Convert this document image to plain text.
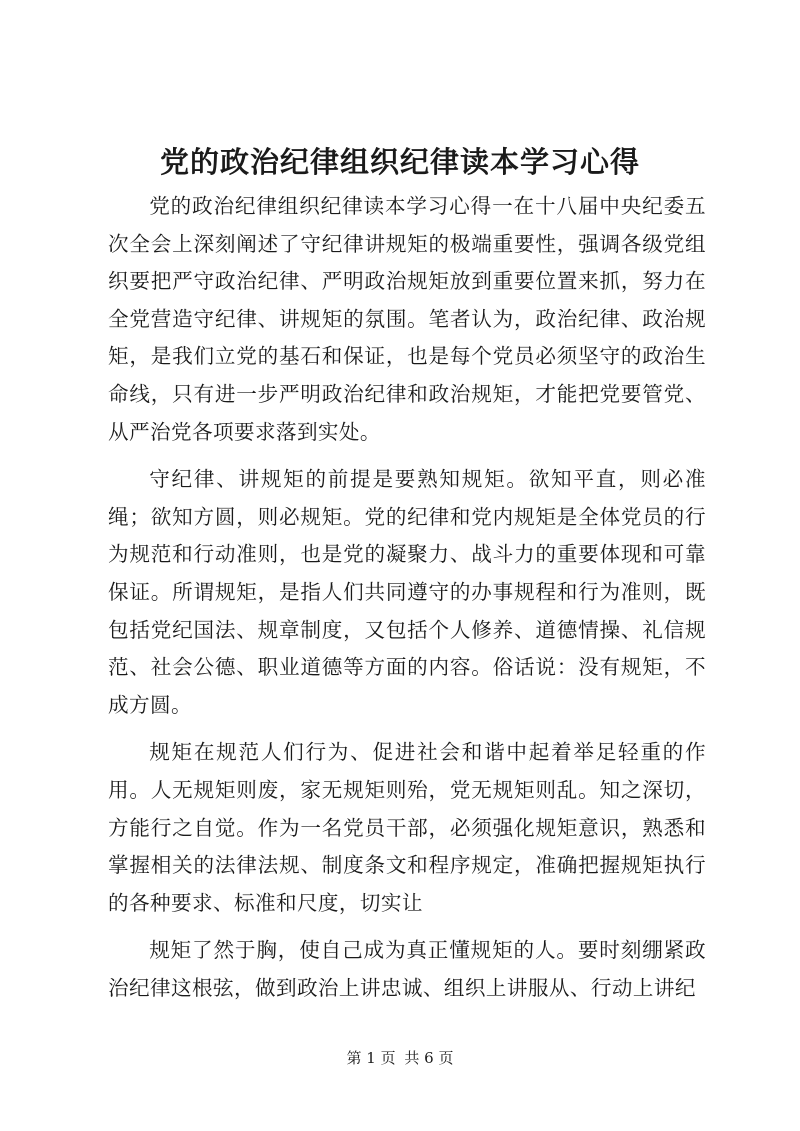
党的政治纪律组织纪律读本学习心得

党的政治纪律组织纪律读本学习心得一在十八届中央纪委五次全会上深刻阐述了守纪律讲规矩的极端重要性，强调各级党组织要把严守政治纪律、严明政治规矩放到重要位置来抓，努力在全党营造守纪律、讲规矩的氛围。笔者认为，政治纪律、政治规矩，是我们立党的基石和保证，也是每个党员必须坚守的政治生命线，只有进一步严明政治纪律和政治规矩，才能把党要管党、从严治党各项要求落到实处。

守纪律、讲规矩的前提是要熟知规矩。欲知平直，则必准绳；欲知方圆，则必规矩。党的纪律和党内规矩是全体党员的行为规范和行动准则，也是党的凝聚力、战斗力的重要体现和可靠保证。所谓规矩，是指人们共同遵守的办事规程和行为准则，既包括党纪国法、规章制度，又包括个人修养、道德情操、礼信规范、社会公德、职业道德等方面的内容。俗话说：没有规矩，不成方圆。

规矩在规范人们行为、促进社会和谐中起着举足轻重的作用。人无规矩则废，家无规矩则殆，党无规矩则乱。知之深切，方能行之自觉。作为一名党员干部，必须强化规矩意识，熟悉和掌握相关的法律法规、制度条文和程序规定，准确把握规矩执行的各种要求、标准和尺度，切实让

规矩了然于胸，使自己成为真正懂规矩的人。要时刻绷紧政治纪律这根弦，做到政治上讲忠诚、组织上讲服从、行动上讲纪

第 1 页 共 6 页
